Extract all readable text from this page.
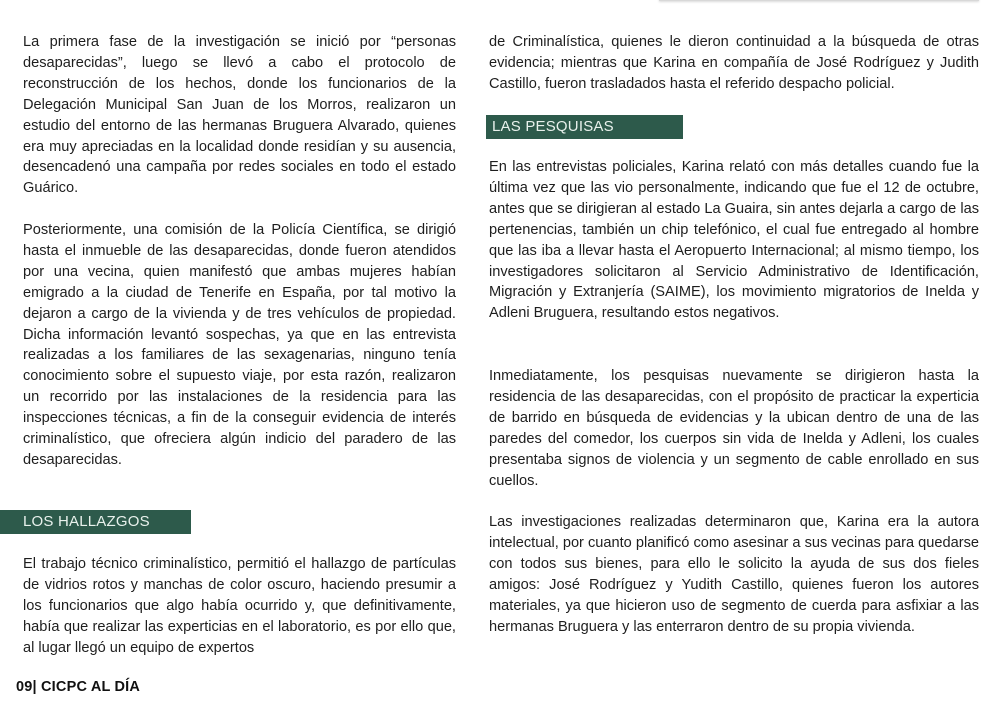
La primera fase de la investigación se inició por “personas desaparecidas”, luego se llevó a cabo el protocolo de reconstrucción de los hechos, donde los funcionarios de la Delegación Municipal San Juan de los Morros, realizaron un estudio del entorno de las hermanas Bruguera Alvarado, quienes era muy apreciadas en la localidad donde residían y su ausencia, desencadenó una campaña por redes sociales en todo el estado Guárico.

Posteriormente, una comisión de la Policía Científica, se dirigió hasta el inmueble de las desaparecidas, donde fueron atendidos por una vecina, quien manifestó que ambas mujeres habían emigrado a la ciudad de Tenerife en España, por tal motivo la dejaron a cargo de la vivienda y de tres vehículos de propiedad. Dicha información levantó sospechas, ya que en las entrevista realizadas a los familiares de las sexagenarias, ninguno tenía conocimiento sobre el supuesto viaje, por esta razón, realizaron un recorrido por las instalaciones de la residencia para las inspecciones técnicas, a fin de la conseguir evidencia de interés criminalístico, que ofreciera algún indicio del paradero de las desaparecidas.

El trabajo técnico criminalístico, permitió el hallazgo de partículas de vidrios rotos y manchas de color oscuro, haciendo presumir a los funcionarios que algo había ocurrido y, que definitivamente, había que realizar las experticias en el laboratorio, es por ello que, al lugar llegó un equipo de expertos

LOS HALLAZGOS

de Criminalística, quienes le dieron continuidad a la búsqueda de otras evidencia; mientras que Karina en compañía de José Rodríguez y Judith Castillo, fueron trasladados hasta el referido despacho policial.

En las entrevistas policiales, Karina relató con más detalles cuando fue la última vez que las vio personalmente, indicando que fue el 12 de octubre, antes que se dirigieran al estado La Guaira, sin antes dejarla a cargo de las pertenencias, también un chip telefónico, el cual fue entregado al hombre que las iba a llevar hasta el Aeropuerto Internacional; al mismo tiempo, los investigadores solicitaron al Servicio Administrativo de Identificación, Migración y Extranjería (SAIME), los movimiento migratorios de Inelda y Adleni Bruguera, resultando estos negativos.

Inmediatamente, los pesquisas nuevamente se dirigieron hasta la residencia de las desaparecidas, con el propósito de practicar la experticia de barrido en búsqueda de evidencias y la ubican dentro de una de las paredes del comedor, los cuerpos sin vida de Inelda y Adleni, los cuales presentaba signos de violencia y un segmento de cable enrollado en sus cuellos.

Las investigaciones realizadas determinaron que, Karina era la autora intelectual, por cuanto planificó como asesinar a sus vecinas para quedarse con todos sus bienes, para ello le solicito la ayuda de sus dos fieles amigos: José Rodríguez y Yudith Castillo, quienes fueron los autores materiales, ya que hicieron uso de segmento de cuerda para asfixiar a las hermanas Bruguera y las enterraron dentro de su propia vivienda.

LAS PESQUISAS
09| CICPC AL DÍA
